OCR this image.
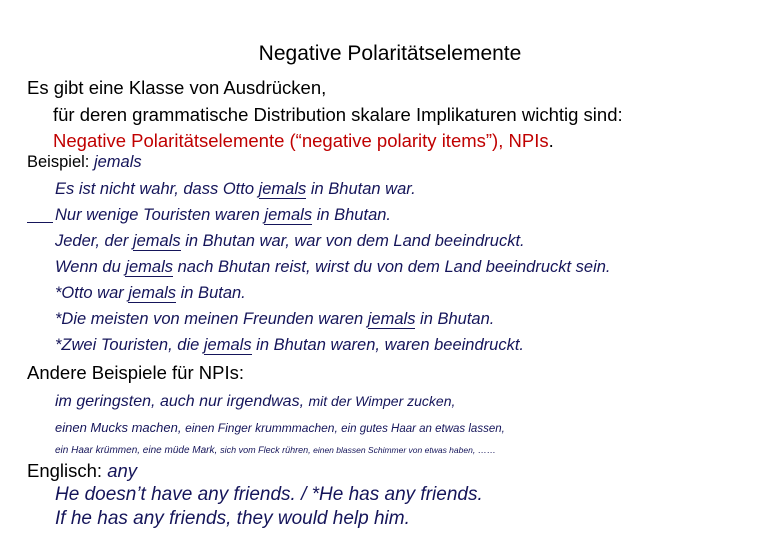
Negative Polaritätselemente
Es gibt eine Klasse von Ausdrücken,
für deren grammatische Distribution skalare Implikaturen wichtig sind:
Negative Polaritätselemente (“negative polarity items”), NPIs.
Beispiel: jemals
Es ist nicht wahr, dass Otto jemals in Bhutan war.
Nur wenige Touristen waren jemals in Bhutan.
Jeder, der jemals in Bhutan war, war von dem Land beeindruckt.
Wenn du jemals nach Bhutan reist, wirst du von dem Land beeindruckt sein.
*Otto war jemals in Butan.
*Die meisten von meinen Freunden waren jemals in Bhutan.
*Zwei Touristen, die jemals in Bhutan waren, waren beeindruckt.
Andere Beispiele für NPIs:
im geringsten, auch nur irgendwas, mit der Wimper zucken,
einen Mucks machen, einen Finger krummmachen, ein gutes Haar an etwas lassen,
ein Haar krümmen, eine müde Mark, sich vom Fleck rühren, einen blassen Schimmer von etwas haben, ……
Englisch: any
He doesn’t have any friends. / *He has any friends.
If he has any friends, they would help him.
